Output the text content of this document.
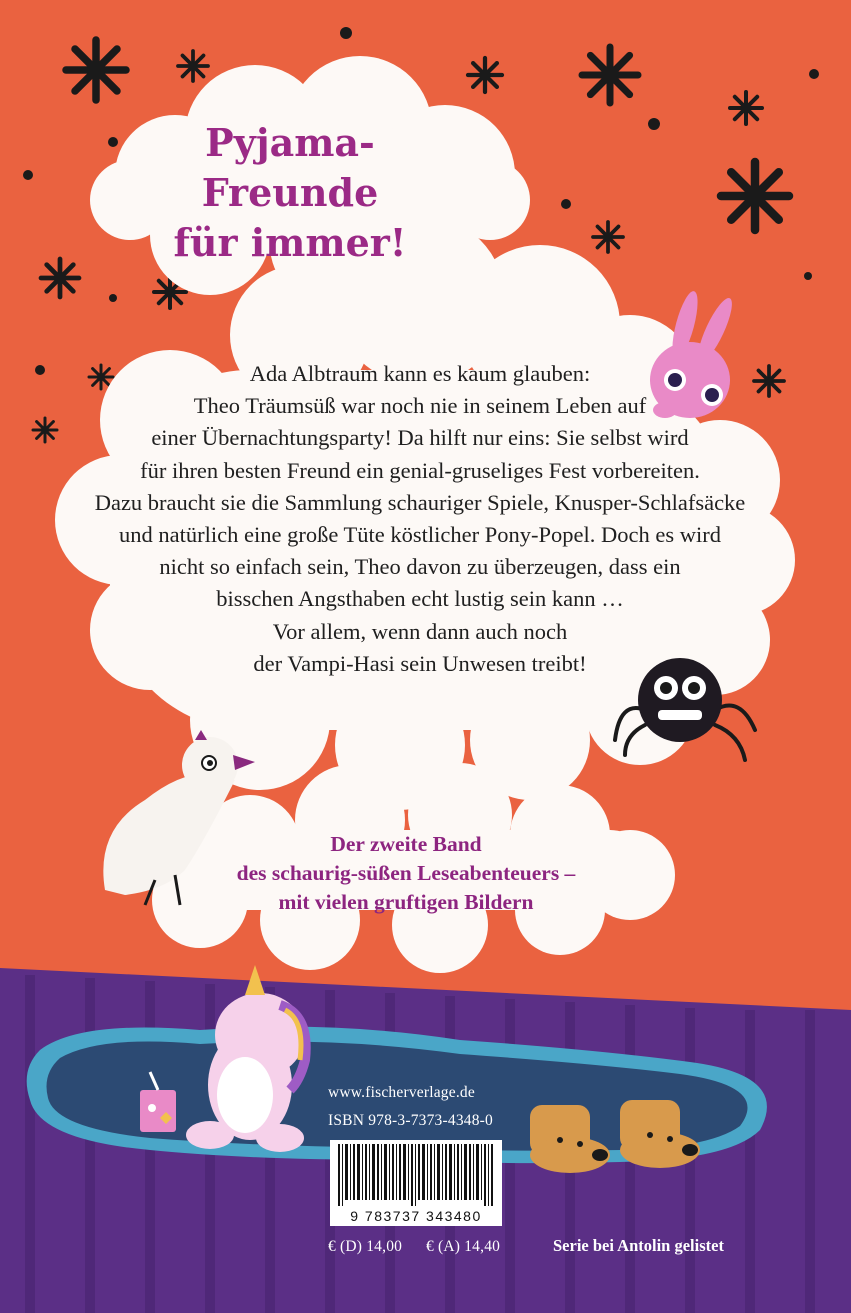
Pyjama-Freunde
für immer!
Ada Albtraum kann es kaum glauben:
Theo Träumsüß war noch nie in seinem Leben auf
einer Übernachtungsparty! Da hilft nur eins: Sie selbst wird
für ihren besten Freund ein genial-gruseliges Fest vorbereiten.
Dazu braucht sie die Sammlung schauriger Spiele, Knusper-Schlafsäcke
und natürlich eine große Tüte köstlicher Pony-Popel. Doch es wird
nicht so einfach sein, Theo davon zu überzeugen, dass ein
bisschen Angsthaben echt lustig sein kann …
Vor allem, wenn dann auch noch
der Vampi-Hasi sein Unwesen treibt!
Der zweite Band
des schaurig-süßen Leseabenteuers –
mit vielen gruftigen Bildern
www.fischerverlage.de
ISBN 978-3-7373-4348-0
9 783737 343480
€ (D) 14,00 € (A) 14,40	Serie bei Antolin gelistet
